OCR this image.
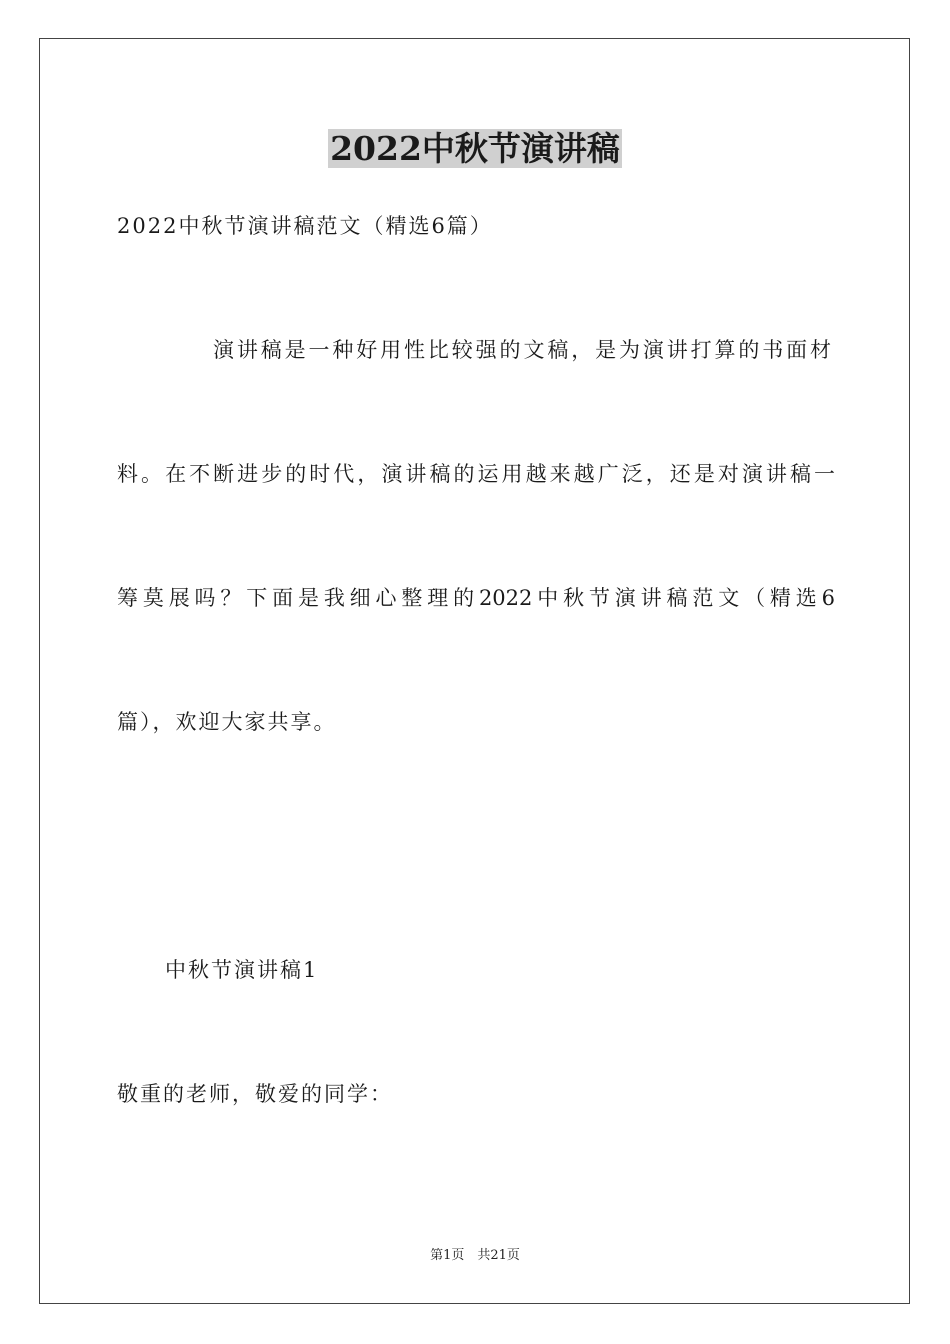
2022中秋节演讲稿
2022中秋节演讲稿范文（精选6篇）
演讲稿是一种好用性比较强的文稿，是为演讲打算的书面材
料。在不断进步的时代，演讲稿的运用越来越广泛，还是对演讲稿一
筹莫展吗？下面是我细心整理的2022中秋节演讲稿范文（精选6
篇），欢迎大家共享。
中秋节演讲稿1
敬重的老师，敬爱的同学：
第1页　共21页
